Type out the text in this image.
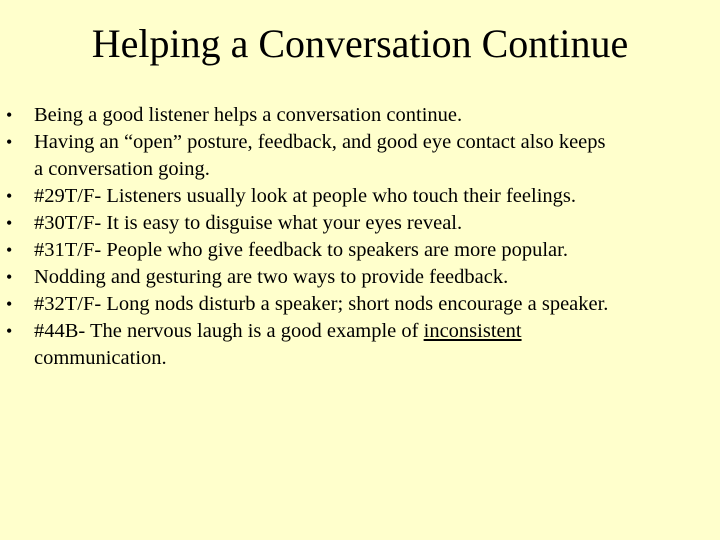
Helping a Conversation Continue
• Being a good listener helps a conversation continue.
• Having an “open” posture, feedback, and good eye contact also keeps
a conversation going.
• #29T/F- Listeners usually look at people who touch their feelings.
• #30T/F- It is easy to disguise what your eyes reveal.
• #31T/F- People who give feedback to speakers are more popular.
• Nodding and gesturing are two ways to provide feedback.
• #32T/F- Long nods disturb a speaker; short nods encourage a speaker.
• #44B- The nervous laugh is a good example of inconsistent
communication.
